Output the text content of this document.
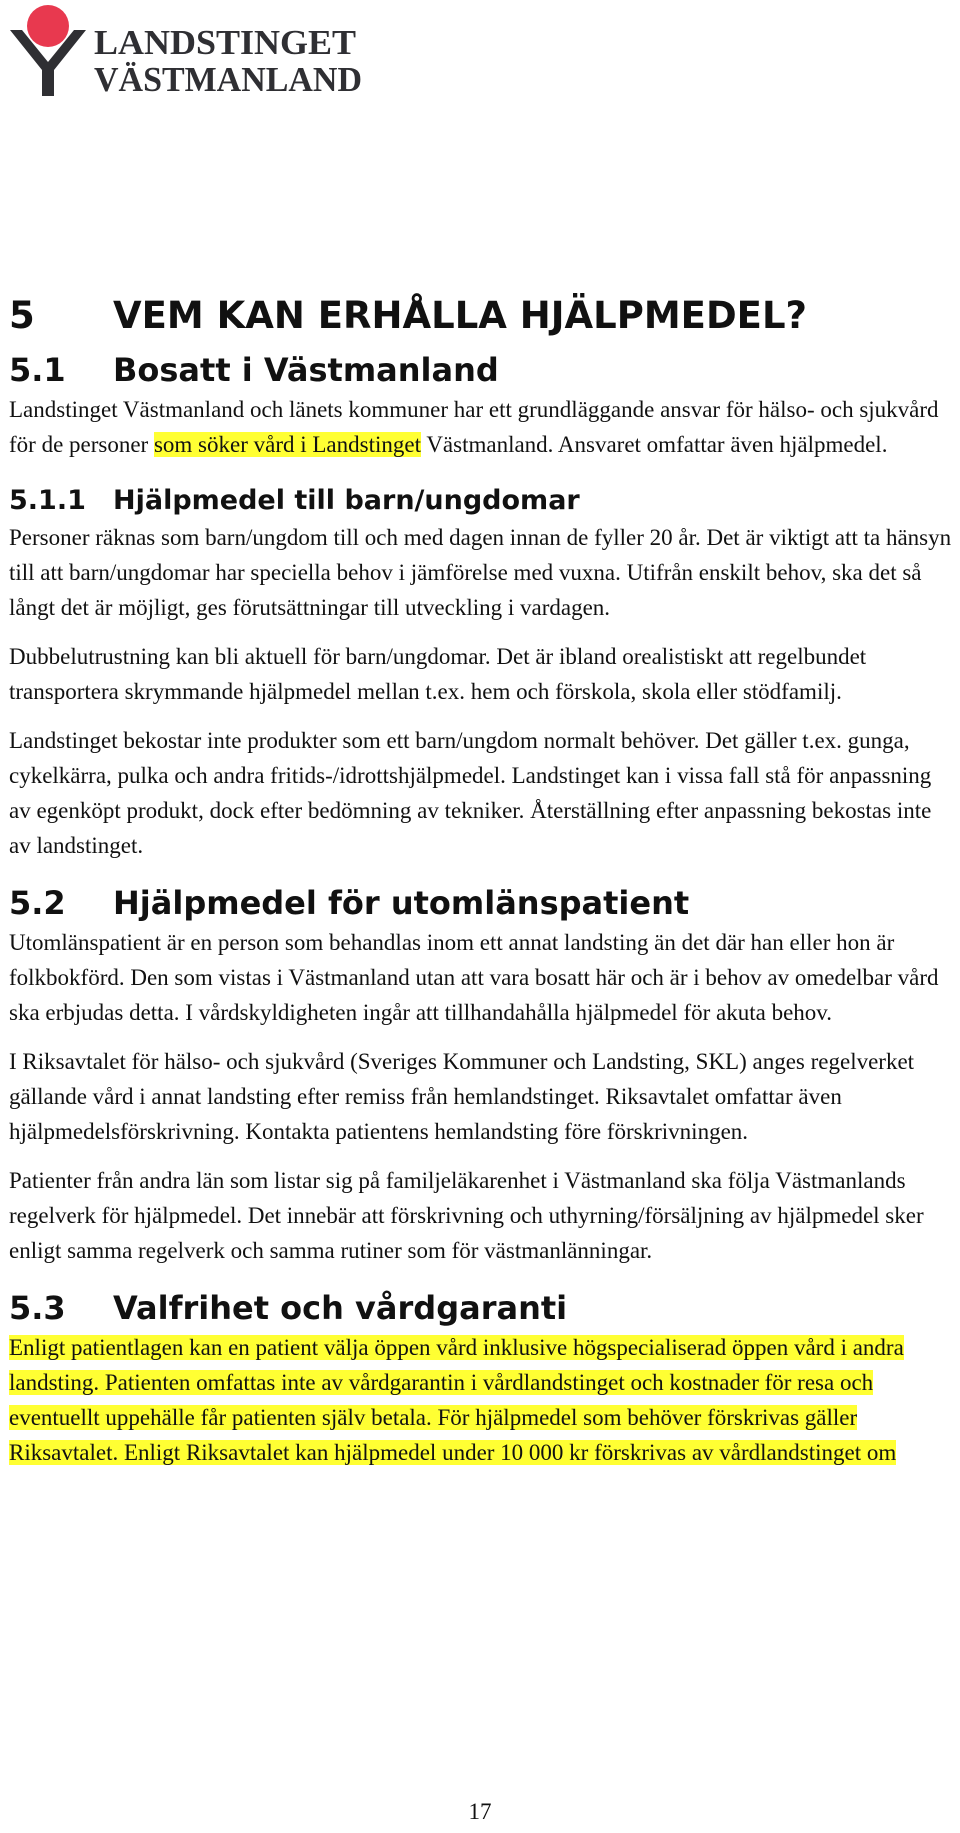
LANDSTINGET
VÄSTMANLAND
5 VEM KAN ERHÅLLA HJÄLPMEDEL?
5.1 Bosatt i Västmanland

Landstinget Västmanland och länets kommuner har ett grundläggande ansvar för hälso- och sjukvård för de personer som söker vård i Landstinget Västmanland. Ansvaret omfattar även hjälpmedel.

5.1.1 Hjälpmedel till barn/ungdomar

Personer räknas som barn/ungdom till och med dagen innan de fyller 20 år. Det är viktigt att ta hänsyn till att barn/ungdomar har speciella behov i jämförelse med vuxna. Utifrån enskilt behov, ska det så långt det är möjligt, ges förutsättningar till utveckling i vardagen.

Dubbelutrustning kan bli aktuell för barn/ungdomar. Det är ibland orealistiskt att regelbundet transportera skrymmande hjälpmedel mellan t.ex. hem och förskola, skola eller stödfamilj.

Landstinget bekostar inte produkter som ett barn/ungdom normalt behöver. Det gäller t.ex. gunga, cykelkärra, pulka och andra fritids-/idrottshjälpmedel. Landstinget kan i vissa fall stå för anpassning av egenköpt produkt, dock efter bedömning av tekniker. Återställning efter anpassning bekostas inte av landstinget.

5.2 Hjälpmedel för utomlänspatient

Utomlänspatient är en person som behandlas inom ett annat landsting än det där han eller hon är folkbokförd. Den som vistas i Västmanland utan att vara bosatt här och är i behov av omedelbar vård ska erbjudas detta. I vårdskyldigheten ingår att tillhandahålla hjälpmedel för akuta behov.

I Riksavtalet för hälso- och sjukvård (Sveriges Kommuner och Landsting, SKL) anges regelverket gällande vård i annat landsting efter remiss från hemlandstinget. Riksavtalet omfattar även hjälpmedelsförskrivning. Kontakta patientens hemlandsting före förskrivningen.

Patienter från andra län som listar sig på familjeläkarenhet i Västmanland ska följa Västmanlands regelverk för hjälpmedel. Det innebär att förskrivning och uthyrning/försäljning av hjälpmedel sker enligt samma regelverk och samma rutiner som för västmanlänningar.

5.3 Valfrihet och vårdgaranti

Enligt patientlagen kan en patient välja öppen vård inklusive högspecialiserad öppen vård i andra landsting. Patienten omfattas inte av vårdgarantin i vårdlandstinget och kostnader för resa och eventuellt uppehälle får patienten själv betala. För hjälpmedel som behöver förskrivas gäller Riksavtalet. Enligt Riksavtalet kan hjälpmedel under 10 000 kr förskrivas av vårdlandstinget om

17
